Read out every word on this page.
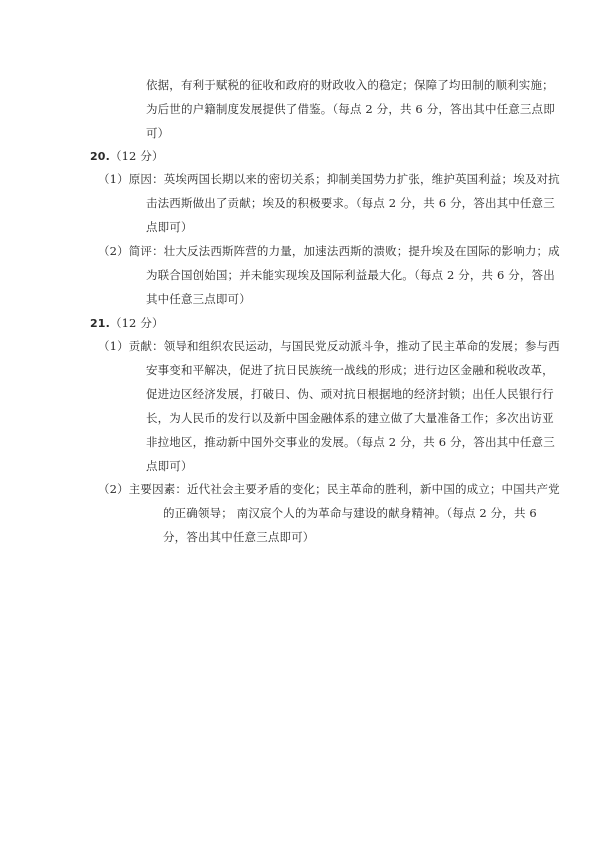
依据，有利于赋税的征收和政府的财政收入的稳定；保障了均田制的顺利实施；
为后世的户籍制度发展提供了借鉴。（每点 2 分，共 6 分，答出其中任意三点即
可）
20.（12 分）
（1）原因：英埃两国长期以来的密切关系；抑制美国势力扩张，维护英国利益；埃及对抗
击法西斯做出了贡献；埃及的积极要求。（每点 2 分，共 6 分，答出其中任意三
点即可）
（2）简评：壮大反法西斯阵营的力量，加速法西斯的溃败；提升埃及在国际的影响力；成
为联合国创始国；并未能实现埃及国际利益最大化。（每点 2 分，共 6 分，答出
其中任意三点即可）
21.（12 分）
（1）贡献：领导和组织农民运动，与国民党反动派斗争，推动了民主革命的发展；参与西
安事变和平解决，促进了抗日民族统一战线的形成；进行边区金融和税收改革，
促进边区经济发展，打破日、伪、顽对抗日根据地的经济封锁；出任人民银行行
长，为人民币的发行以及新中国金融体系的建立做了大量准备工作；多次出访亚
非拉地区，推动新中国外交事业的发展。（每点 2 分，共 6 分，答出其中任意三
点即可）
（2）主要因素：近代社会主要矛盾的变化；民主革命的胜利，新中国的成立；中国共产党
的正确领导； 南汉宸个人的为革命与建设的献身精神。（每点 2 分，共 6
分，答出其中任意三点即可）
